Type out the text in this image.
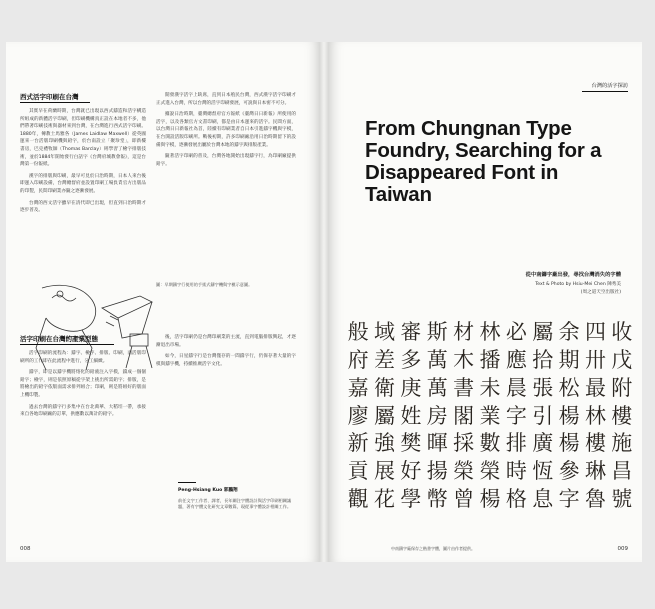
西式活字印刷在台灣

其實早在荷蘭時期，台灣就已出現以西式鑄造和活字構造所組成的新體活字印刷，但印刷機構真正設在本地者不多，他們帶著印刷技術與器材來到台灣，在台灣進行西式活字印刷。1880年，傳教士馬雅各（James Laidlaw Maxwell）從英國運來一台活版印刷機與鉛字，於台南設立「聚珍堂」，即新樓書房，巴克禮牧師（Thomas Barclay）則學習了檢字排版技術，並於1884年開始發行白話字《台灣府城教會報》，這是台灣第一份報紙。

漢字的排版與印刷，最早可見於日治時期，日本人來台後即運入印刷設備，台灣總督府並設置印刷工場負責官方出版品的印製，民間印刷業亦隨之逐漸發展。

台灣的西文活字雖早在清代即已出現，但直到日治時期才逐步普及。

開發漢字活字上缺席，直到日本殖民台灣，西式漢字活字印刷才正式進入台灣，所以台灣的活字印刷發展，可說與日本密不可分。

據說日治時期，臺灣總督府官方報紙《臺灣日日新報》所使用的活字，以及各類官方文書印刷，都是由日本運來的活字。民間方面，以台灣日日新報社為首，陸續有印刷業者自日本引進鑄字機與字模，在台開設活版印刷所。戰後初期，許多印刷廠沿用日治時期留下的設備與字模，逐漸發展出屬於台灣本地的鑄字與排版產業。

隨著活字印刷的普及，台灣各地開始出現鑄字行，為印刷廠提供鉛字。

圖：早期鑄字行使用的手搖式鑄字機與字模示意圖。
活字印刷在台灣的產業型態

活字印刷的流程為：鑄字、檢字、排版、印刷，而活版印刷所的工作即在此流程中進行，分工細緻。

鑄字，即是以鑄字機將熔化的鉛液注入字模，鑄成一個個鉛字；檢字，則是依照原稿從字架上挑出所需鉛字；排版，是將檢出的鉛字依版面需求排列組合；印刷，則是將組好的版面上機印製。

過去台灣的鑄字行多集中在台北萬華、大稻埕一帶，承接來自各地印刷廠的訂單，供應數以萬計的鉛字。

後，活字印刷仍是台灣印刷業的主流，直到電腦排版興起，才逐漸退出市場。

如今，日星鑄字行是台灣僅存的一間鑄字行，仍保存著大量的字模與鑄字機，持續推廣活字文化。

Peng-Hsiang Kuo 郭鵬翔
前任文字工作者、譯者，長年關注字體設計與活字印刷相關議題，著有字體文化研究文章數篇，現從事字體設計相關工作。
008
台灣的活字探訪
From Chungnan Type Foundry, Searching for a Disappeared Font in Taiwan
從中南鑄字廠出發，尋找台灣消失的字體
Text & Photo by Hsiu-Mei Chen 陳秀美
(周之道天空出版社)
收
戊
附
樓
施
昌
號
四
卅
最
林
樓
琳
魯
余
期
松
楊
楊
參
字
屬
拾
張
引
廣
恆
息
必
應
晨
字
排
時
格
林
播
未
業
數
榮
楊
材
木
書
閣
採
榮
曾
斯
萬
萬
房
暉
揚
幣
審
多
庚
姓
樊
好
學
域
差
衛
屬
強
展
花
般
府
嘉
廖
新
貢
觀
中南鑄字廠保存之楷書字體，圖片由作者提供。	009
